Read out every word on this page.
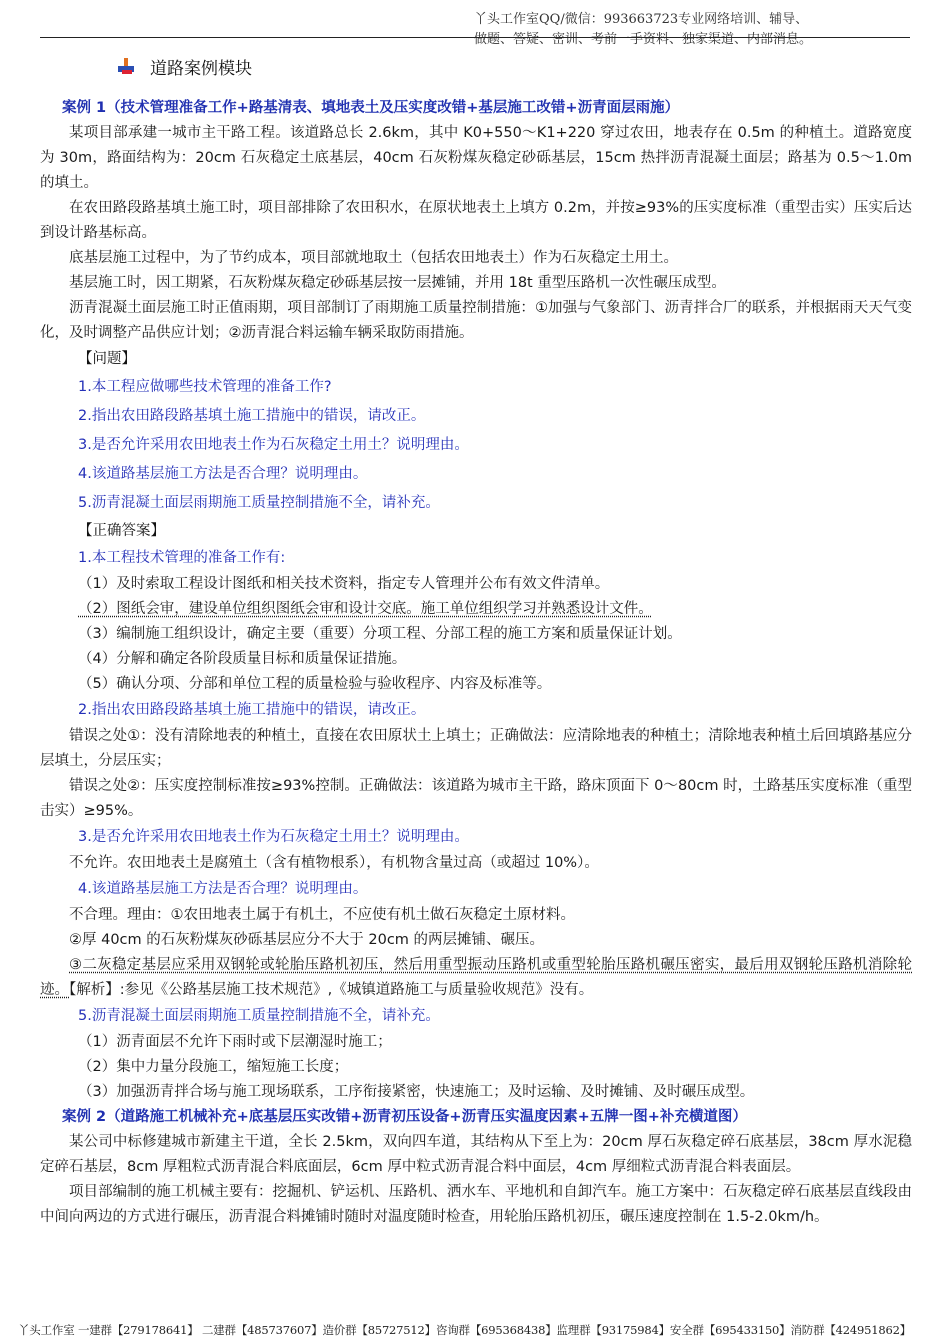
丫头工作室QQ/微信：993663723专业网络培训、辅导、
做题、答疑、密训、考前一手资料、独家渠道、内部消息。
道路案例模块

案例 1（技术管理准备工作+路基清表、填地表土及压实度改错+基层施工改错+沥青面层雨施）

某项目部承建一城市主干路工程。该道路总长 2.6km，其中 K0+550～K1+220 穿过农田，地表存在 0.5m 的种植土。道路宽度为 30m，路面结构为：20cm 石灰稳定土底基层，40cm 石灰粉煤灰稳定砂砾基层，15cm 热拌沥青混凝土面层；路基为 0.5～1.0m 的填土。

在农田路段路基填土施工时，项目部排除了农田积水，在原状地表土上填方 0.2m，并按≥93%的压实度标准（重型击实）压实后达到设计路基标高。

底基层施工过程中，为了节约成本，项目部就地取土（包括农田地表土）作为石灰稳定土用土。

基层施工时，因工期紧，石灰粉煤灰稳定砂砾基层按一层摊铺，并用 18t 重型压路机一次性碾压成型。

沥青混凝土面层施工时正值雨期，项目部制订了雨期施工质量控制措施：①加强与气象部门、沥青拌合厂的联系，并根据雨天天气变化，及时调整产品供应计划；②沥青混合料运输车辆采取防雨措施。

【问题】

1.本工程应做哪些技术管理的准备工作?

2.指出农田路段路基填土施工措施中的错误，请改正。

3.是否允许采用农田地表土作为石灰稳定土用土？说明理由。

4.该道路基层施工方法是否合理？说明理由。

5.沥青混凝土面层雨期施工质量控制措施不全，请补充。

【正确答案】

1.本工程技术管理的准备工作有:

（1）及时索取工程设计图纸和相关技术资料，指定专人管理并公布有效文件清单。

（2）图纸会审，建设单位组织图纸会审和设计交底。施工单位组织学习并熟悉设计文件。

（3）编制施工组织设计，确定主要（重要）分项工程、分部工程的施工方案和质量保证计划。

（4）分解和确定各阶段质量目标和质量保证措施。

（5）确认分项、分部和单位工程的质量检验与验收程序、内容及标准等。

2.指出农田路段路基填土施工措施中的错误，请改正。

错误之处①：没有清除地表的种植土，直接在农田原状土上填土；正确做法：应清除地表的种植土；清除地表种植土后回填路基应分层填土，分层压实；

错误之处②：压实度控制标准按≥93%控制。正确做法：该道路为城市主干路，路床顶面下 0～80cm 时，土路基压实度标准（重型击实）≥95%。

3.是否允许采用农田地表土作为石灰稳定土用土？说明理由。

不允许。农田地表土是腐殖土（含有植物根系），有机物含量过高（或超过 10%）。

4.该道路基层施工方法是否合理？说明理由。

不合理。理由：①农田地表土属于有机土，不应使有机土做石灰稳定土原材料。

②厚 40cm 的石灰粉煤灰砂砾基层应分不大于 20cm 的两层摊铺、碾压。

③二灰稳定基层应采用双钢轮或轮胎压路机初压，然后用重型振动压路机或重型轮胎压路机碾压密实，最后用双钢轮压路机消除轮迹。【解析】:参见《公路基层施工技术规范》,《城镇道路施工与质量验收规范》没有。

5.沥青混凝土面层雨期施工质量控制措施不全，请补充。

（1）沥青面层不允许下雨时或下层潮湿时施工；

（2）集中力量分段施工，缩短施工长度；

（3）加强沥青拌合场与施工现场联系，工序衔接紧密，快速施工；及时运输、及时摊铺、及时碾压成型。

案例 2（道路施工机械补充+底基层压实改错+沥青初压设备+沥青压实温度因素+五牌一图+补充横道图）

某公司中标修建城市新建主干道，全长 2.5km，双向四车道，其结构从下至上为：20cm 厚石灰稳定碎石底基层，38cm 厚水泥稳定碎石基层，8cm 厚粗粒式沥青混合料底面层，6cm 厚中粒式沥青混合料中面层，4cm 厚细粒式沥青混合料表面层。

项目部编制的施工机械主要有：挖掘机、铲运机、压路机、洒水车、平地机和自卸汽车。施工方案中：石灰稳定碎石底基层直线段由中间向两边的方式进行碾压，沥青混合料摊铺时随时对温度随时检查，用轮胎压路机初压，碾压速度控制在 1.5-2.0km/h。

丫头工作室 一建群【279178641】 二建群【485737607】造价群【85727512】咨询群【695368438】监理群【93175984】安全群【695433150】消防群【424951862】
